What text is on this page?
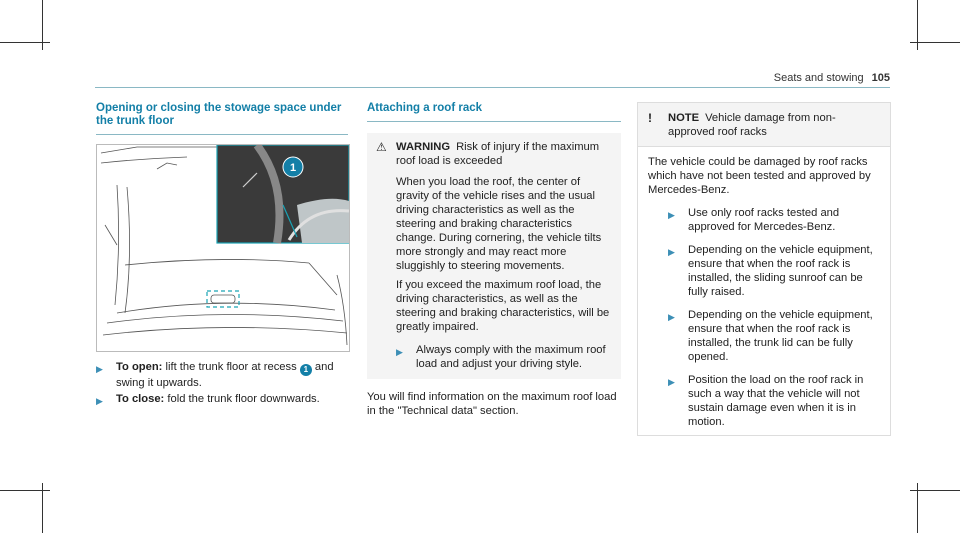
Seats and stowing 105
Opening or closing the stowage space under
the trunk floor
1
▶	To open: lift the trunk floor at recess 1 and swing it upwards.
▶	To close: fold the trunk floor downwards.
Attaching a roof rack
⚠ WARNING Risk of injury if the maximum roof load is exceeded

When you load the roof, the center of gravity of the vehicle rises and the usual driving characteristics as well as the steering and braking characteristics change. During cornering, the vehicle tilts more strongly and may react more sluggishly to steering movements.

If you exceed the maximum roof load, the driving characteristics, as well as the steering and braking characteristics, will be greatly impaired.

▶	Always comply with the maximum roof load and adjust your driving style.

You will find information on the maximum roof load in the "Technical data" section.

!	NOTE Vehicle damage from non-approved roof racks

The vehicle could be damaged by roof racks which have not been tested and approved by Mercedes-Benz.

▶	Use only roof racks tested and approved for Mercedes-Benz.
▶	Depending on the vehicle equipment, ensure that when the roof rack is installed, the sliding sunroof can be fully raised.
▶	Depending on the vehicle equipment, ensure that when the roof rack is installed, the trunk lid can be fully opened.
▶	Position the load on the roof rack in such a way that the vehicle will not sustain damage even when it is in motion.
